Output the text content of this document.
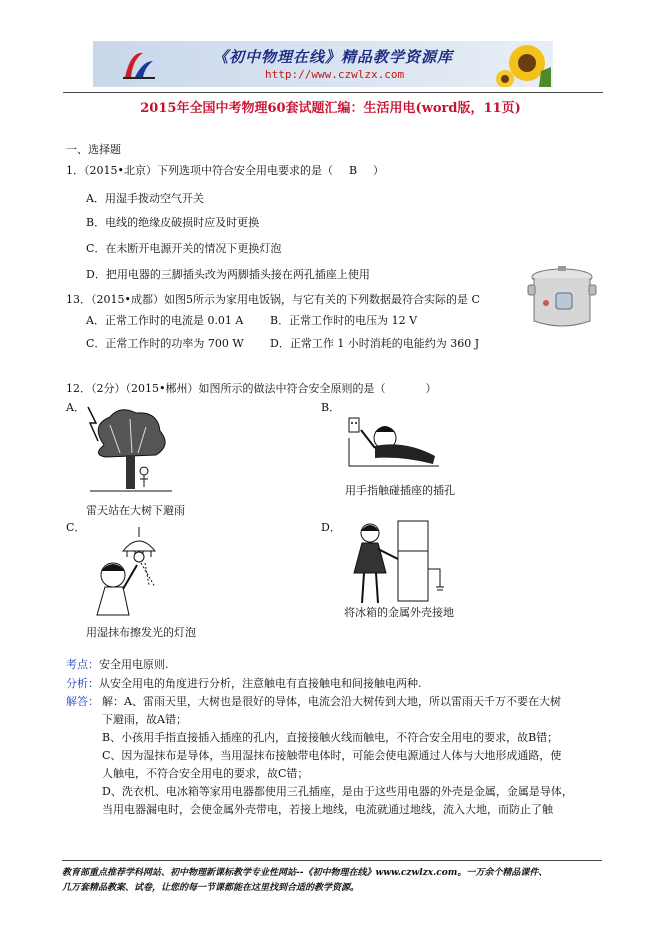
《初中物理在线》精品教学资源库
http://www.czwlzx.com
2015年全国中考物理60套试题汇编：生活用电(word版，11页)
一、选择题
1．（2015•北京）下列选项中符合安全用电要求的是（ B ）
A．用湿手拨动空气开关
B．电线的绝缘皮破损时应及时更换
C．在未断开电源开关的情况下更换灯泡
D．把用电器的三脚插头改为两脚插头接在两孔插座上使用
13．（2015•成都）如图5所示为家用电饭锅，与它有关的下列数据最符合实际的是 C
A．正常工作时的电流是 0.01 A B．正常工作时的电压为 12 V
C．正常工作时的功率为 700 W D．正常工作 1 小时消耗的电能约为 360 J
12．（2分）（2015•郴州）如图所示的做法中符合安全原则的是（	）
A．	B．
雷天站在大树下避雨
用手指触碰插座的插孔
C．	D．
用湿抹布擦发光的灯泡
将冰箱的金属外壳接地
考点：安全用电原则.
分析：从安全用电的角度进行分析，注意触电有直接触电和间接触电两种.
解答： 解：A、雷雨天里，大树也是很好的导体，电流会沿大树传到大地，所以雷雨天千万不要在大树
下避雨，故A错；
B、小孩用手指直接插入插座的孔内，直接接触火线而触电，不符合安全用电的要求，故B错；
C、因为湿抹布是导体，当用湿抹布接触带电体时，可能会使电源通过人体与大地形成通路，使
人触电，不符合安全用电的要求，故C错；
D、洗衣机、电冰箱等家用电器都使用三孔插座，是由于这些用电器的外壳是金属，金属是导体，
当用电器漏电时，会使金属外壳带电，若接上地线，电流就通过地线，流入大地，而防止了触
教育部重点推荐学科网站、初中物理新课标教学专业性网站--《初中物理在线》www.czwlzx.com。一万余个精品课件、
几万套精品教案、试卷，让您的每一节课都能在这里找到合适的教学资源。
